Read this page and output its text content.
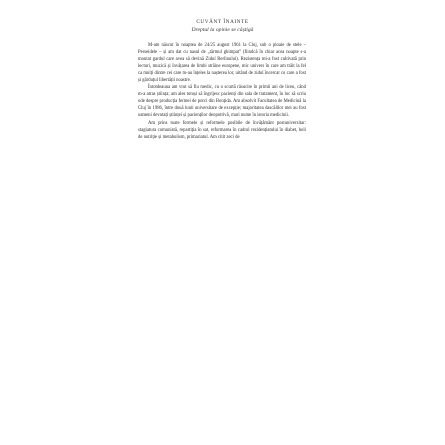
CUVÂNT ÎNAINTE
Dreptul la opinie se câștigă

M-am născut în noaptea de 24/25 august 1961 la Cluj, sub o ploaie de stele – Perseidele – și am dat cu nasul de „tărmul ghimpat” (fiindcă în chiar acea noapte s-a montat gardul care avea să devină Zidul Berlinului). Rezistența mi-a fost cultivată prin lecturi, muzică și învățarea de limbi străine europene, mic univers în care am trăit la fel ca mulți dintre cei care m-au înțeles la nașterea lor, uitând de zidul încercat cu care a fost și gărduțul libertății noastre.

Întotdeauna am vrut să fiu medic, cu o scurtă răsucire în primii ani de liceu, când m-a atras știința; am ales totuși să îngrijesc pacienți din sala de tratament, în loc să scriu ode despre producția fermei de porci din Bonțida. Am absolvit Facultatea de Medicină la Cluj în 1986, între două lunii universitare de excepție; majoritatea dascălilor mei au fost oameni devotați științei și pacienților deopotrivă, mari nume în istoria medicinii.

Am prins toate formele și reformele posibile de învățământ postuniversitar: stagiatura comunistă, repartiția în sat, reformarea în cadrul rezidențiatului în diabet, boli de nutriție și metabolism, primariatul. Am citit zeci de
